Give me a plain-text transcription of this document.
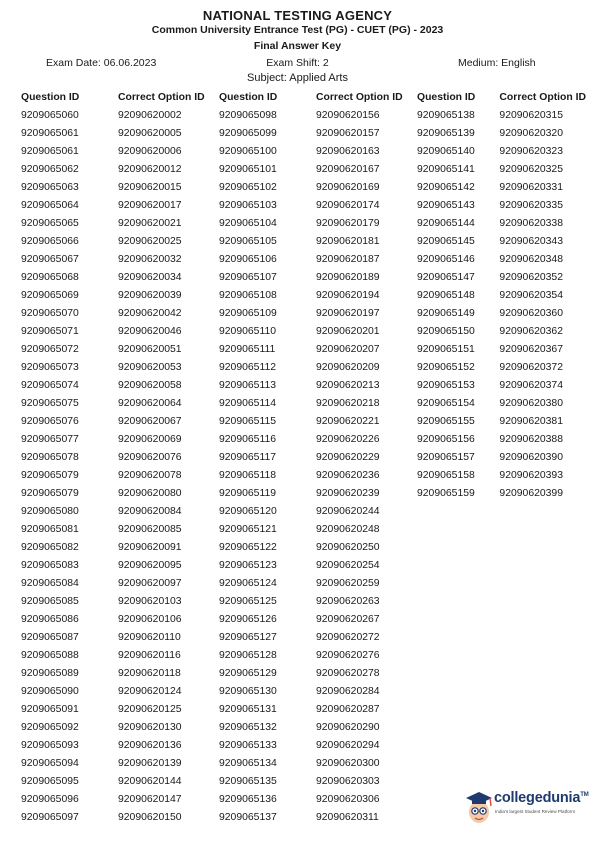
NATIONAL TESTING AGENCY
Common University Entrance Test (PG) - CUET (PG) - 2023
Final Answer Key
Exam Date: 06.06.2023	Exam Shift: 2	Medium: English
Subject: Applied Arts
Question ID	Correct Option ID
9209065060	92090620002
9209065061	92090620005
9209065061	92090620006
9209065062	92090620012
9209065063	92090620015
9209065064	92090620017
9209065065	92090620021
9209065066	92090620025
9209065067	92090620032
9209065068	92090620034
9209065069	92090620039
9209065070	92090620042
9209065071	92090620046
9209065072	92090620051
9209065073	92090620053
9209065074	92090620058
9209065075	92090620064
9209065076	92090620067
9209065077	92090620069
9209065078	92090620076
9209065079	92090620078
9209065079	92090620080
9209065080	92090620084
9209065081	92090620085
9209065082	92090620091
9209065083	92090620095
9209065084	92090620097
9209065085	92090620103
9209065086	92090620106
9209065087	92090620110
9209065088	92090620116
9209065089	92090620118
9209065090	92090620124
9209065091	92090620125
9209065092	92090620130
9209065093	92090620136
9209065094	92090620139
9209065095	92090620144
9209065096	92090620147
9209065097	92090620150
Question ID	Correct Option ID
9209065098	92090620156
9209065099	92090620157
9209065100	92090620163
9209065101	92090620167
9209065102	92090620169
9209065103	92090620174
9209065104	92090620179
9209065105	92090620181
9209065106	92090620187
9209065107	92090620189
9209065108	92090620194
9209065109	92090620197
9209065110	92090620201
9209065111	92090620207
9209065112	92090620209
9209065113	92090620213
9209065114	92090620218
9209065115	92090620221
9209065116	92090620226
9209065117	92090620229
9209065118	92090620236
9209065119	92090620239
9209065120	92090620244
9209065121	92090620248
9209065122	92090620250
9209065123	92090620254
9209065124	92090620259
9209065125	92090620263
9209065126	92090620267
9209065127	92090620272
9209065128	92090620276
9209065129	92090620278
9209065130	92090620284
9209065131	92090620287
9209065132	92090620290
9209065133	92090620294
9209065134	92090620300
9209065135	92090620303
9209065136	92090620306
9209065137	92090620311
Question ID	Correct Option ID
9209065138	92090620315
9209065139	92090620320
9209065140	92090620323
9209065141	92090620325
9209065142	92090620331
9209065143	92090620335
9209065144	92090620338
9209065145	92090620343
9209065146	92090620348
9209065147	92090620352
9209065148	92090620354
9209065149	92090620360
9209065150	92090620362
9209065151	92090620367
9209065152	92090620372
9209065153	92090620374
9209065154	92090620380
9209065155	92090620381
9209065156	92090620388
9209065157	92090620390
9209065158	92090620393
9209065159	92090620399
collegedunia™
India's largest Student Review Platform
